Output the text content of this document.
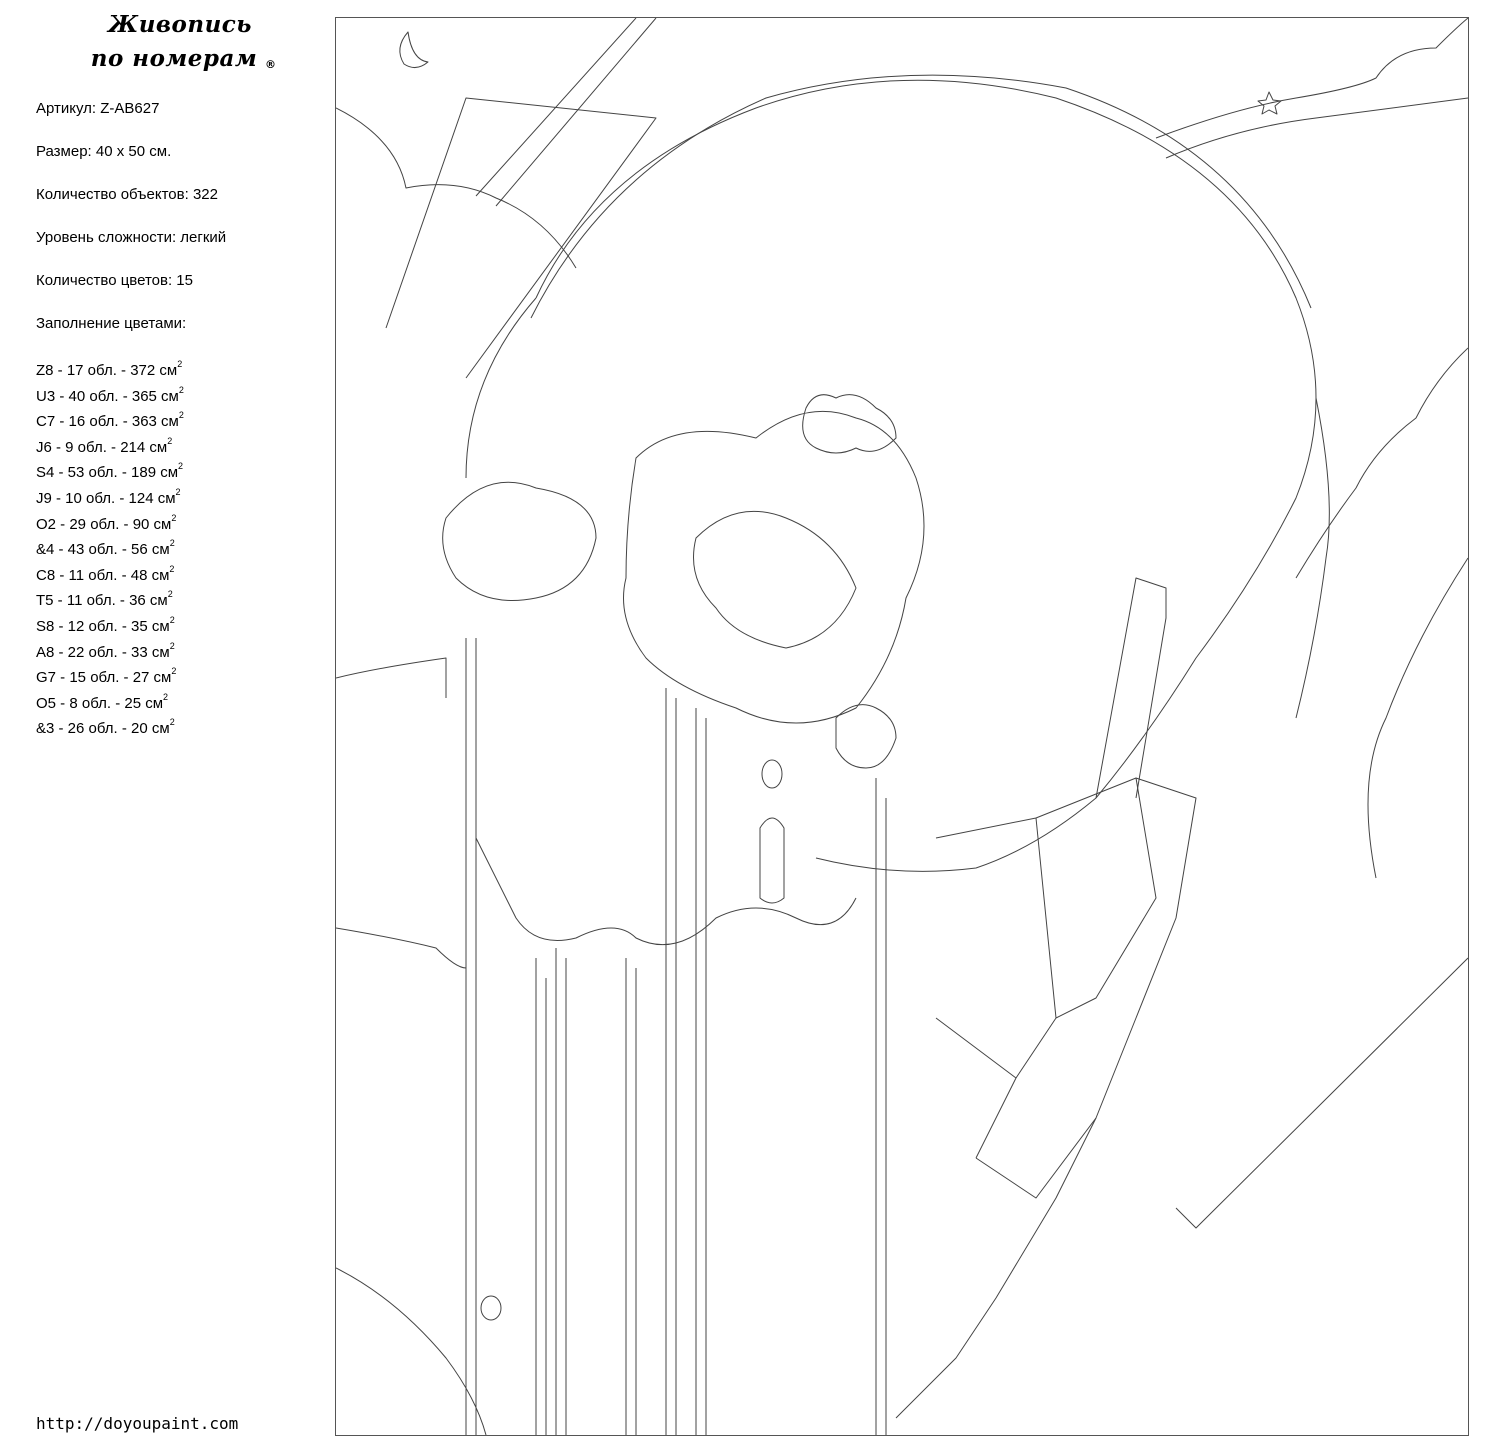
Живопись
по номерам ®

Артикул: Z-AB627

Размер: 40 х 50 см.

Количество объектов: 322

Уровень сложности: легкий

Количество цветов: 15

Заполнение цветами:

Z8 - 17 обл. - 372 $см^2$
U3 - 40 обл. - 365 $см^2$
C7 - 16 обл. - 363 $см^2$
J6 - 9 обл. - 214 $см^2$
S4 - 53 обл. - 189 $см^2$
J9 - 10 обл. - 124 $см^2$
O2 - 29 обл. - 90 $см^2$
&4 - 43 обл. - 56 $см^2$
C8 - 11 обл. - 48 $см^2$
T5 - 11 обл. - 36 $см^2$
S8 - 12 обл. - 35 $см^2$
A8 - 22 обл. - 33 $см^2$
G7 - 15 обл. - 27 $см^2$
O5 - 8 обл. - 25 $см^2$
&3 - 26 обл. - 20 $см^2$
http://doyoupaint.com
